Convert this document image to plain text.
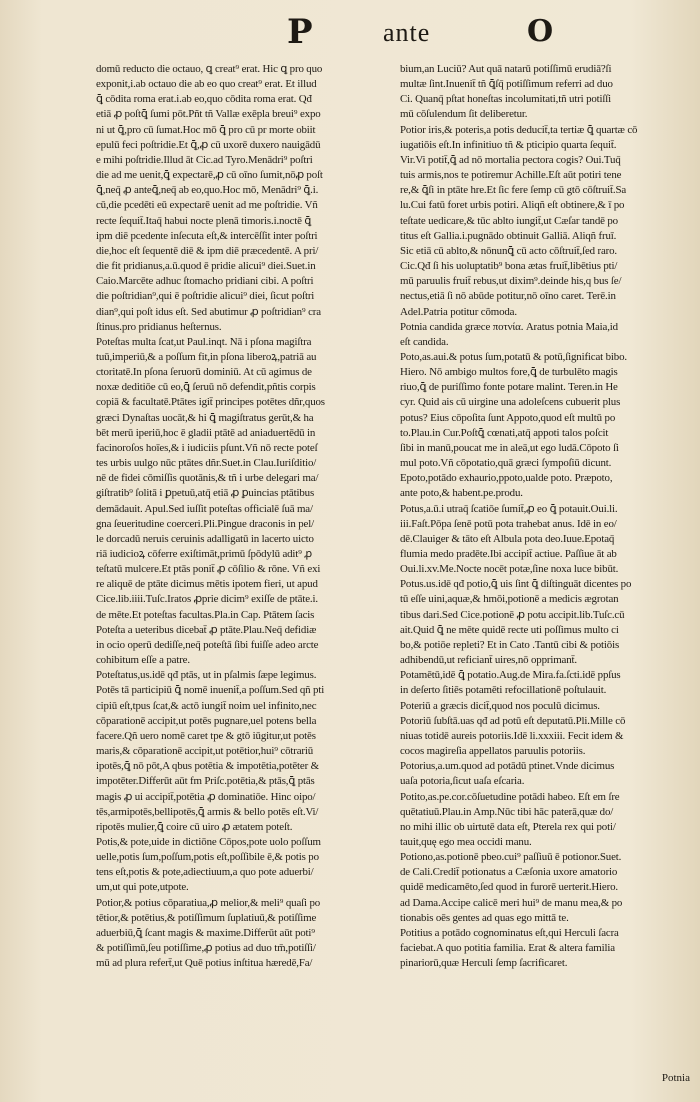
P	ante	O
domū reducto die octauo, ꝗ creat⁹ erat. Hic ꝗ pro quo
exponit,i.ab octauo die ab eo quo creat⁹ erat. Et illud
ꝗ̄ cōdita roma erat.i.ab eo,quo cōdita roma erat. Qđ
etiā ꝓ poſtꝗ̄ ſumi pōt.Pñt tñ Vallæ exēpla breui⁹ expo
ni ut ꝗ̄,pro cū ſumat.Hoc mō ꝗ̄ pro cū pr morte obiit
epulū feci poſtridie.Et ꝗ̄,ꝓ cū uxorē duxero nauigādū
e mihi poſtridie.Illud āt Cic.ad Tyro.Menādri⁹ poſtri
die ad me uenit,ꝗ̄ expectarē,ꝓ cū oīno ſumit,nōꝓ poſt
ꝗ̄,neq̄ ꝓ anteꝗ̄,neq̄ ab eo,quo.Hoc mō, Menādri⁹ ꝗ̄.i.
cū,die pcedēti eū expectarē uenit ad me poſtridie. Vñ
recte ſequit̄.Itaq̄ habui nocte plenā timoris.i.noctē ꝗ̄
ipm diē pcedente inſecuta eſt,& intercēſſit inter poſtri
die,hoc eſt ſequentē diē & ipm diē præcedentē. A pri/
die fit pridianus,a.ū.quod ē pridie alicui⁹ diei.Suet.in
Caio.Marcēte adhuc ſtomacho pridiani cibi. A poſtri
die poſtridian⁹,qui ē poſtridie alicui⁹ diei, ſicut poſtri
dian⁹,qui poſt idus eſt. Sed abutimur ꝓ poſtridian⁹ cra
ſtinus.pro pridianus heſternus.
Poteſtas multa ſcat,ut Paul.inqt. Nā i pſona magiſtra
tuū,imperiū,& a poſſum fit,in pſona liberoꝝ,patriā au
ctoritatē.In pſona ſeruorū dominiū. At cū agimus de
noxæ deditiōe cū eo,ꝗ̄ ſeruū nō defendit,pñtis corpis
copiā & facultatē.Ptātes igit̄ principes potētes dñr,quos
græci Dynaſtas uocāt,& hi ꝗ̄ magiſtratus gerūt,& ha
bēt merū iperiū,hoc ē gladii ptātē ad aniaduertēdū in
facinoroſos hoīes,& i iudiciis pſunt.Vñ nō recte poteſ
tes urbis uulgo nūc ptātes dñr.Suet.in Clau.Iuriſditio/
nē de fidei cōmiſſis quotānis,& tñ i urbe delegari ma/
giſtratib⁹ ſolitā i ꝑpetuū,atq̄ etiā ꝓ ꝑuincias ptātibus
demādauit. Apul.Sed iuſſit poteſtas officialē ſuā ma/
gna ſeueritudine coerceri.Pli.Pingue draconis in pel/
le dorcadū neruis ceruinis adalligatū in lacerto uicto
riā iudicioꝝ cōferre exiſtimāt,primū ſpōdylū adit⁹ ꝓ
teſtatū mulcere.Et ptās ponit̄ ꝓ cōſilio & rōne. Vñ exi
re aliquē de ptāte dicimus mētis ipotem fieri, ut apud
Cice.lib.iiii.Tuſc.Iratos ꝓprie dicim⁹ exiſſe de ptāte.i.
de mēte.Et poteſtas facultas.Pla.in Cap. Ptātem ſacis
Poteſta a ueteribus dicebat̄ ꝓ ptāte.Plau.Neq̄ defidiæ
in ocio operū dediſſe,neq̄ poteſtā ſibi fuiſſe adeo arcte
cohibitum eſſe a patre.
Poteſtatus,us.idē qđ ptās, ut in pſalmis ſæpe legimus.
Potēs tā participiū ꝗ̄ nomē inuenit̄,a poſſum.Sed qñ pti
cipiū eſt,tpus ſcat,& actō iungit̄ noim uel infinito,nec
cōparationē accipit,ut potēs pugnare,uel potens bella
facere.Qñ uero nomē caret tpe & gtō iūgitur,ut potēs
maris,& cōparationē accipit,ut potētior,hui⁹ cōtrariū
ipotēs,ꝗ̄ nō pōt,A qbus potētia & impotētia,potēter &
impotēter.Differūt aūt fm Priſc.potētia,& ptās,ꝗ̄ ptās
magis ꝓ ui accipit̄,potētia ꝓ dominatiōe. Hinc oipo/
tēs,armipotēs,bellipotēs,ꝗ̄ armis & bello potēs eſt.Vi/
ripotēs mulier,ꝗ̄ coire cū uiro ꝓ ætatem poteſt.
Potis,& pote,uide in dictiōne Cōpos,pote uolo poſſum
uelle,potis ſum,poſſum,potis eſt,poſſibile ē,& potis po
tens eſt,potis & pote,adiectiuum,a quo pote aduerbi/
um,ut qui pote,utpote.
Potior,& potius cōparatiua,ꝓ melior,& meli⁹ quaſi po
tētior,& potētius,& potiſſimum ſuplatiuū,& potiſſime
aduerbiū,ꝗ̄ ſcant magis & maxime.Differūt aūt poti⁹
& potiſſimū,ſeu potiſſime,ꝓ potius ad duo tm̄,potiſſi/
mū ad plura refert̄,ut Quē potius inſtitua hæredē,Fa/
bium,an Luciū? Aut quā natarū potiſſimū erudiā?ſi
multæ ſint.Inuenit̄ tñ ꝗ̄ſq̄ potiſſimum referri ad duo
Ci. Quanq̄ pſtat honeſtas incolumitati,tñ utri potiſſi
mū cōſulendum ſit deliberetur.
Potior iris,& poteris,a potis deducit̄,ta tertiæ ꝗ̄ quartæ cō
iugatiōis eſt.In infinitiuo tñ & pticipio quarta ſequit̄.
Vir.Vi potit̄,ꝗ̄ ad nō mortalia pectora cogis? Oui.Tuq̄
tuis armis,nos te potiremur Achille.Eſt aūt potiri tene
re,& ꝗ̄ſi in ptāte hre.Et ſic fere ſemp cū gtō cōſtruit̄.Sa
lu.Cui fatū foret urbis potiri. Aliqñ eſt obtinere,& ī po
teſtate uedicare,& tūc ablto iungit̄,ut Cæſar tandē po
titus eſt Gallia.i.pugnādo obtinuit Galliā. Aliqñ fruī.
Sic etiā cū ablto,& nōnunꝗ̄ cū acto cōſtruit̄,ſed raro.
Cic.Qđ ſi his uoluptatib⁹ bona ætas fruit̄,libētius pti/
mū paruulis fruit̄ rebus,ut dixim⁹.deinde his,q bus ſe/
nectus,etiā ſi nō abūde potitur,nō oīno caret. Terē.in
Adel.Patria potitur cōmoda.
Potnia candida græce ποτνία. Aratus potnia Maia,id
eſt candida.
Poto,as.aui.& potus ſum,potatū & potū,ſignificat bibo.
Hiero. Nō ambigo multos fore,ꝗ̄ de turbulēto magis
riuo,ꝗ̄ de puriſſimo fonte potare malint. Teren.in He
cyr. Quid ais cū uirgine una adoleſcens cubuerit plus
potus? Eius cōpoſita ſunt Appoto,quod eſt multū po
to.Plau.in Cur.Poſtꝗ̄ cœnati,atq̄ appoti talos poſcit
ſibi in manū,poucat me in aleā,ut ego ludā.Cōpoto ſi
mul poto.Vñ cōpotatio,quā græci ſympoſiū dicunt.
Epoto,potādo exhaurio,ppoto,ualde poto. Præpoto,
ante poto,& habent.pe.produ.
Potus,a.ū.i utraq̄ ſcatiōe ſumit̄,ꝓ eo ꝗ̄ potauit.Oui.li.
iii.Faſt.Pōpa ſenē potū pota trahebat anus. Idē in eo/
dē.Clauiger & tāto eſt Albula pota deo.Iuue.Epotaq̄
flumia medo pradēte.Ibi accipit̄ actiue. Paſſiue āt ab
Oui.li.xv.Me.Nocte nocēt potæ,ſine noxa luce bibūt.
Potus.us.idē qđ potio,ꝗ̄ uis ſint ꝗ̄ diſtinguāt dicentes po
tū eſſe uini,aquæ,& hmōi,potionē a medicis ægrotan
tibus dari.Sed Cice.potionē ꝓ potu accipit.lib.Tuſc.cū
ait.Quid ꝗ̄ ne mēte quidē recte uti poſſimus multo ci
bo,& potiōe repleti? Et in Cato .Tantū cibi & potiōis
adhibendū,ut reficiant̄ uires,nō opprimant̄.
Potamētū,idē ꝗ̄ potatio.Aug.de Mira.fa.ſcti.idē ppſus
in deſerto ſitiēs potamēti refocillationē poſtulauit.
Poteriū a græcis dicit̄,quod nos poculū dicimus.
Potoriū ſubſtā.uas qđ ad potū eſt deputatū.Pli.Mille cō
niuas totidē aureis potoriis.Idē li.xxxiii. Fecit idem &
cocos magireſia appellatos paruulis potoriis.
Potorius,a.um.quod ad potādū ptinet.Vnde dicimus
uaſa potoria,ſicut uaſa eſcaria.
Potito,as.pe.cor.cōſuetudine potādi habeo. Eſt em ſre
quētatiuū.Plau.in Amp.Nūc tibi hāc paterā,quæ do/
no mihi illic ob uirtutē data eſt, Pterela rex qui poti/
tauit,quę ego mea occidi manu.
Potiono,as.potionē pbeo.cui⁹ paſſiuū ē potionor.Suet.
de Cali.Credit̄ potionatus a Cæſonia uxore amatorio
quidē medicamēto,ſed quod in furorē uerterit.Hiero.
ad Dama.Accipe calicē meri hui⁹ de manu mea,& po
tionabis oēs gentes ad quas ego mittā te.
Potitius a potādo cognominatus eſt,qui Herculi ſacra
faciebat.A quo potitia familia. Erat & altera familia
pinariorū,quæ Herculi ſemp ſacrificaret.
Potnia
